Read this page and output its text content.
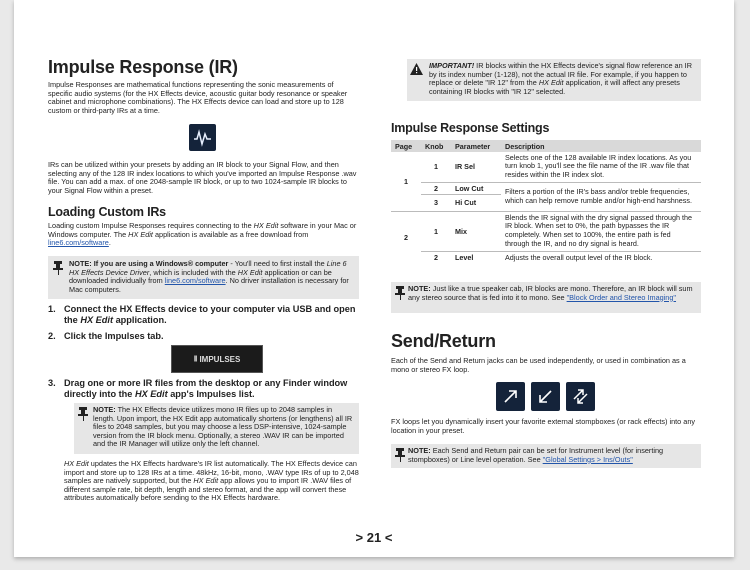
Impulse Response (IR)

Impulse Responses are mathematical functions representing the sonic measurements of specific audio systems (for the HX Effects device, acoustic guitar body resonance or speaker cabinet and microphone combinations). The HX Effects device can load and store up to 128 custom or third-party IRs at a time.

IRs can be utilized within your presets by adding an IR block to your Signal Flow, and then selecting any of the 128 IR index locations to which you've imported an Impulse Response .wav file. You can add a max. of one 2048-sample IR block, or up to two 1024-sample IR blocks to your Signal Flow within a preset.

Loading Custom IRs

Loading custom Impulse Responses requires connecting to the HX Edit software in your Mac or Windows computer. The HX Edit application is available as a free download from line6.com/software.

NOTE: If you are using a Windows® computer - You'll need to first install the Line 6 HX Effects Device Driver, which is included with the HX Edit application or can be downloaded individually from line6.com/software. No driver installation is necessary for Mac computers.

1. Connect the HX Effects device to your computer via USB and open the HX Edit application.
2. Click the Impulses tab.
||||| IMPULSES
3. Drag one or more IR files from the desktop or any Finder window directly into the HX Edit app's Impulses list.

NOTE: The HX Effects device utilizes mono IR files up to 2048 samples in length. Upon import, the HX Edit app automatically shortens (or lengthens) all IR files to 2048 samples, but you may choose a less DSP-intensive, 1024-sample version from the IR block menu. Optionally, a stereo .WAV IR can be imported and the IR Manager will utilize only the left channel.

HX Edit updates the HX Effects hardware's IR list automatically. The HX Effects device can import and store up to 128 IRs at a time. 48kHz, 16-bit, mono, .WAV type IRs of up to 2,048 samples are natively supported, but the HX Edit app allows you to import IR .WAV files of different sample rate, bit depth, length and stereo format, and the app will convert these attributes automatically before sending to the HX Effects hardware.

IMPORTANT! IR blocks within the HX Effects device's signal flow reference an IR by its index number (1-128), not the actual IR file. For example, if you happen to replace or delete "IR 12" from the HX Edit application, it will affect any presets containing IR blocks with "IR 12" selected.

Impulse Response Settings
Page	Knob	Parameter	Description
1	1	IR Sel	Selects one of the 128 available IR index locations. As you turn knob 1, you'll see the file name of the IR .wav file that resides within the IR index slot.
	2	Low Cut	Filters a portion of the IR's bass and/or treble frequencies, which can help remove rumble and/or high-end harshness.
	3	Hi Cut	
2	1	Mix	Blends the IR signal with the dry signal passed through the IR block. When set to 0%, the path bypasses the IR completely. When set to 100%, the entire path is fed through the IR, and no dry signal is heard.
	2	Level	Adjusts the overall output level of the IR block.

NOTE: Just like a true speaker cab, IR blocks are mono. Therefore, an IR block will sum any stereo source that is fed into it to mono. See "Block Order and Stereo Imaging"

Send/Return

Each of the Send and Return jacks can be used independently, or used in combination as a mono or stereo FX loop.

FX loops let you dynamically insert your favorite external stompboxes (or rack effects) into any location in your preset.

NOTE: Each Send and Return pair can be set for Instrument level (for inserting stompboxes) or Line level operation. See "Global Settings > Ins/Outs"

> 21 <
